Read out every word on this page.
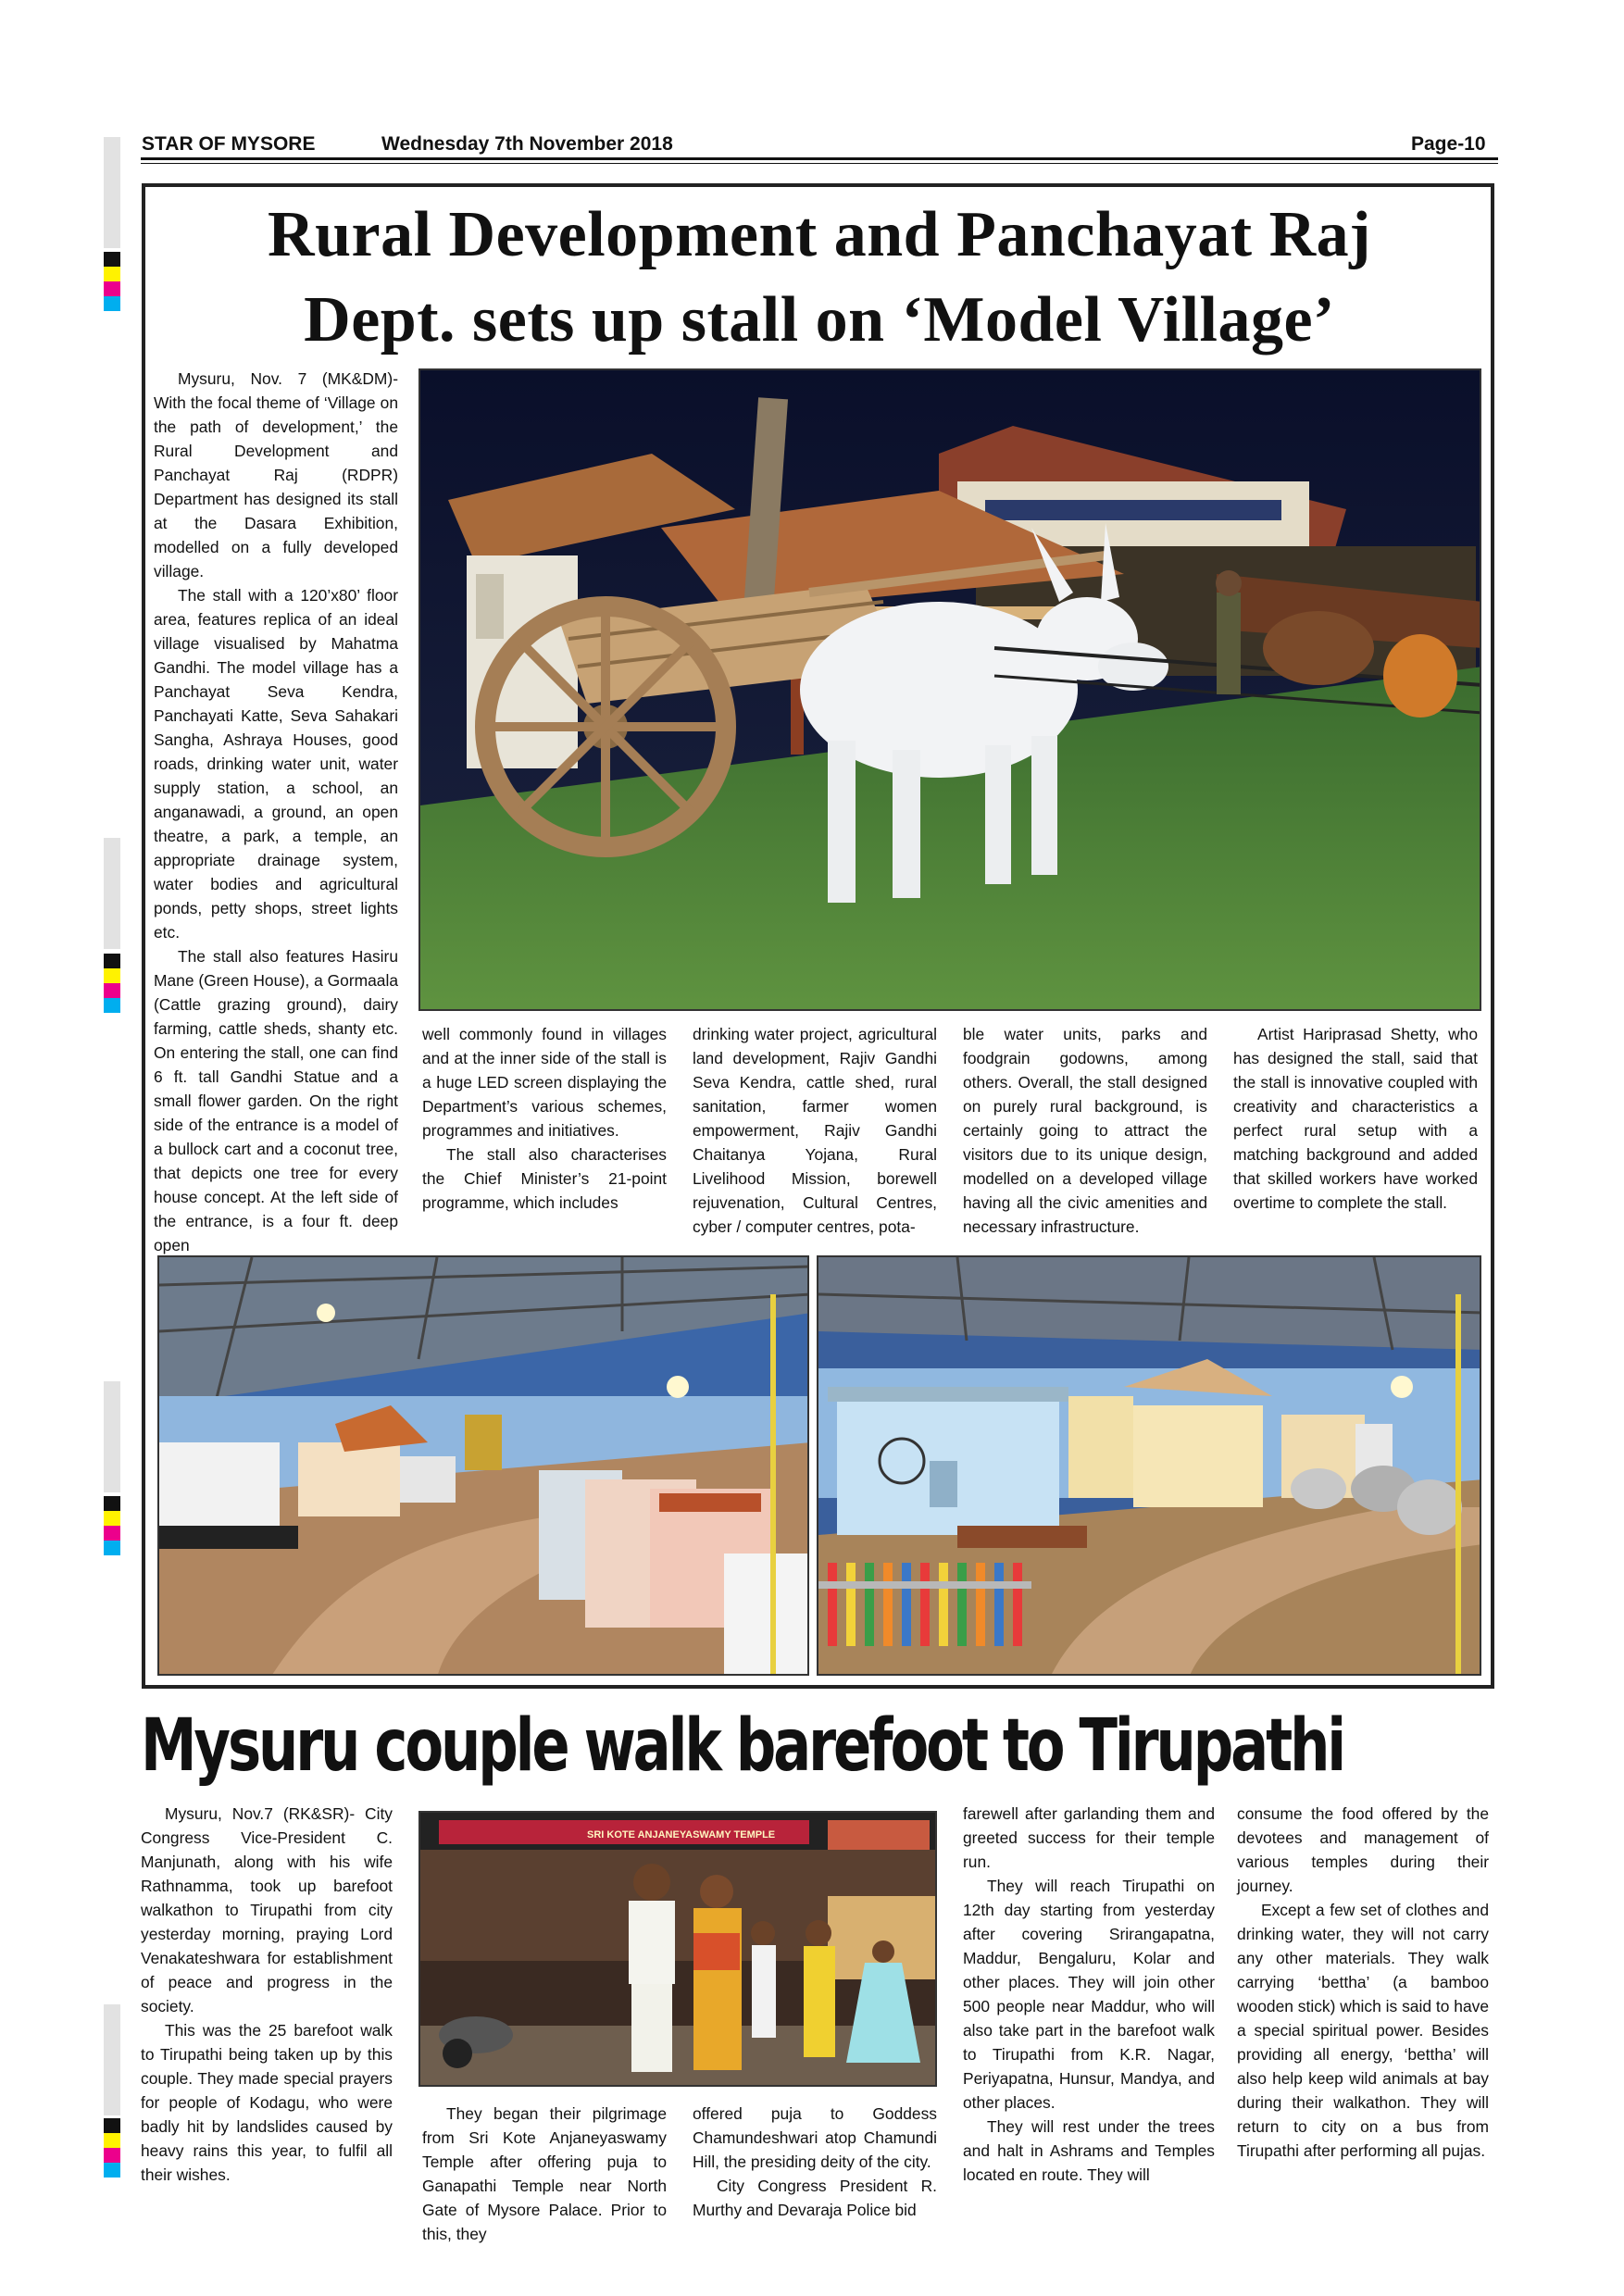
STAR OF MYSORE	Wednesday 7th November 2018	Page-10
Rural Development and Panchayat Raj
Dept. sets up stall on ‘Model Village’

Mysuru, Nov. 7 (MK&DM)- With the focal theme of ‘Village on the path of development,’ the Rural Development and Panchayat Raj (RDPR) Department has designed its stall at the Dasara Exhibition, modelled on a fully developed village.

The stall with a 120’x80’ floor area, features replica of an ideal village visualised by Mahatma Gandhi. The model village has a Panchayat Seva Kendra, Panchayati Katte, Seva Sahakari Sangha, Ashraya Houses, good roads, drinking water unit, water supply station, a school, an anganawadi, a ground, an open theatre, a park, a temple, an appropriate drainage system, water bodies and agricultural ponds, petty shops, street lights etc.

The stall also features Hasiru Mane (Green House), a Gormaala (Cattle grazing ground), dairy farming, cattle sheds, shanty etc. On entering the stall, one can find 6 ft. tall Gandhi Statue and a small flower garden. On the right side of the entrance is a model of a bullock cart and a coconut tree, that depicts one tree for every house concept. At the left side of the entrance, is a four ft. deep open

well commonly found in villages and at the inner side of the stall is a huge LED screen displaying the Department’s various schemes, programmes and initiatives.

The stall also characterises the Chief Minister’s 21-point programme, which includes

drinking water project, agricultural land development, Rajiv Gandhi Seva Kendra, cattle shed, rural sanitation, farmer women empowerment, Rajiv Gandhi Chaitanya Yojana, Rural Livelihood Mission, borewell rejuvenation, Cultural Centres, cyber / computer centres, pota-

ble water units, parks and foodgrain godowns, among others. Overall, the stall designed on purely rural background, is certainly going to attract the visitors due to its unique design, modelled on a developed village having all the civic amenities and necessary infrastructure.

Artist Hariprasad Shetty, who has designed the stall, said that the stall is innovative coupled with creativity and characteristics a perfect rural setup with a matching background and added that skilled workers have worked overtime to complete the stall.

Mysuru couple walk barefoot to Tirupathi

Mysuru, Nov.7 (RK&SR)- City Congress Vice-President C. Manjunath, along with his wife Rathnamma, took up barefoot walkathon to Tirupathi from city yesterday morning, praying Lord Venakateshwara for establishment of peace and progress in the society.

This was the 25 barefoot walk to Tirupathi being taken up by this couple. They made special prayers for people of Kodagu, who were badly hit by landslides caused by heavy rains this year, to fulfil all their wishes.

SRI KOTE ANJANEYASWAMY TEMPLE

They began their pilgrimage from Sri Kote Anjaneyaswamy Temple after offering puja to Ganapathi Temple near North Gate of Mysore Palace. Prior to this, they

offered puja to Goddess Chamundeshwari atop Chamundi Hill, the presiding deity of the city.

City Congress President R. Murthy and Devaraja Police bid

farewell after garlanding them and greeted success for their temple run.

They will reach Tirupathi on 12th day starting from yesterday after covering Srirangapatna, Maddur, Bengaluru, Kolar and other places. They will join other 500 people near Maddur, who will also take part in the barefoot walk to Tirupathi from K.R. Nagar, Periyapatna, Hunsur, Mandya, and other places.

They will rest under the trees and halt in Ashrams and Temples located en route. They will

consume the food offered by the devotees and management of various temples during their journey.

Except a few set of clothes and drinking water, they will not carry any other materials. They walk carrying ‘bettha’ (a bamboo wooden stick) which is said to have a special spiritual power. Besides providing all energy, ‘bettha’ will also help keep wild animals at bay during their walkathon. They will return to city on a bus from Tirupathi after performing all pujas.
